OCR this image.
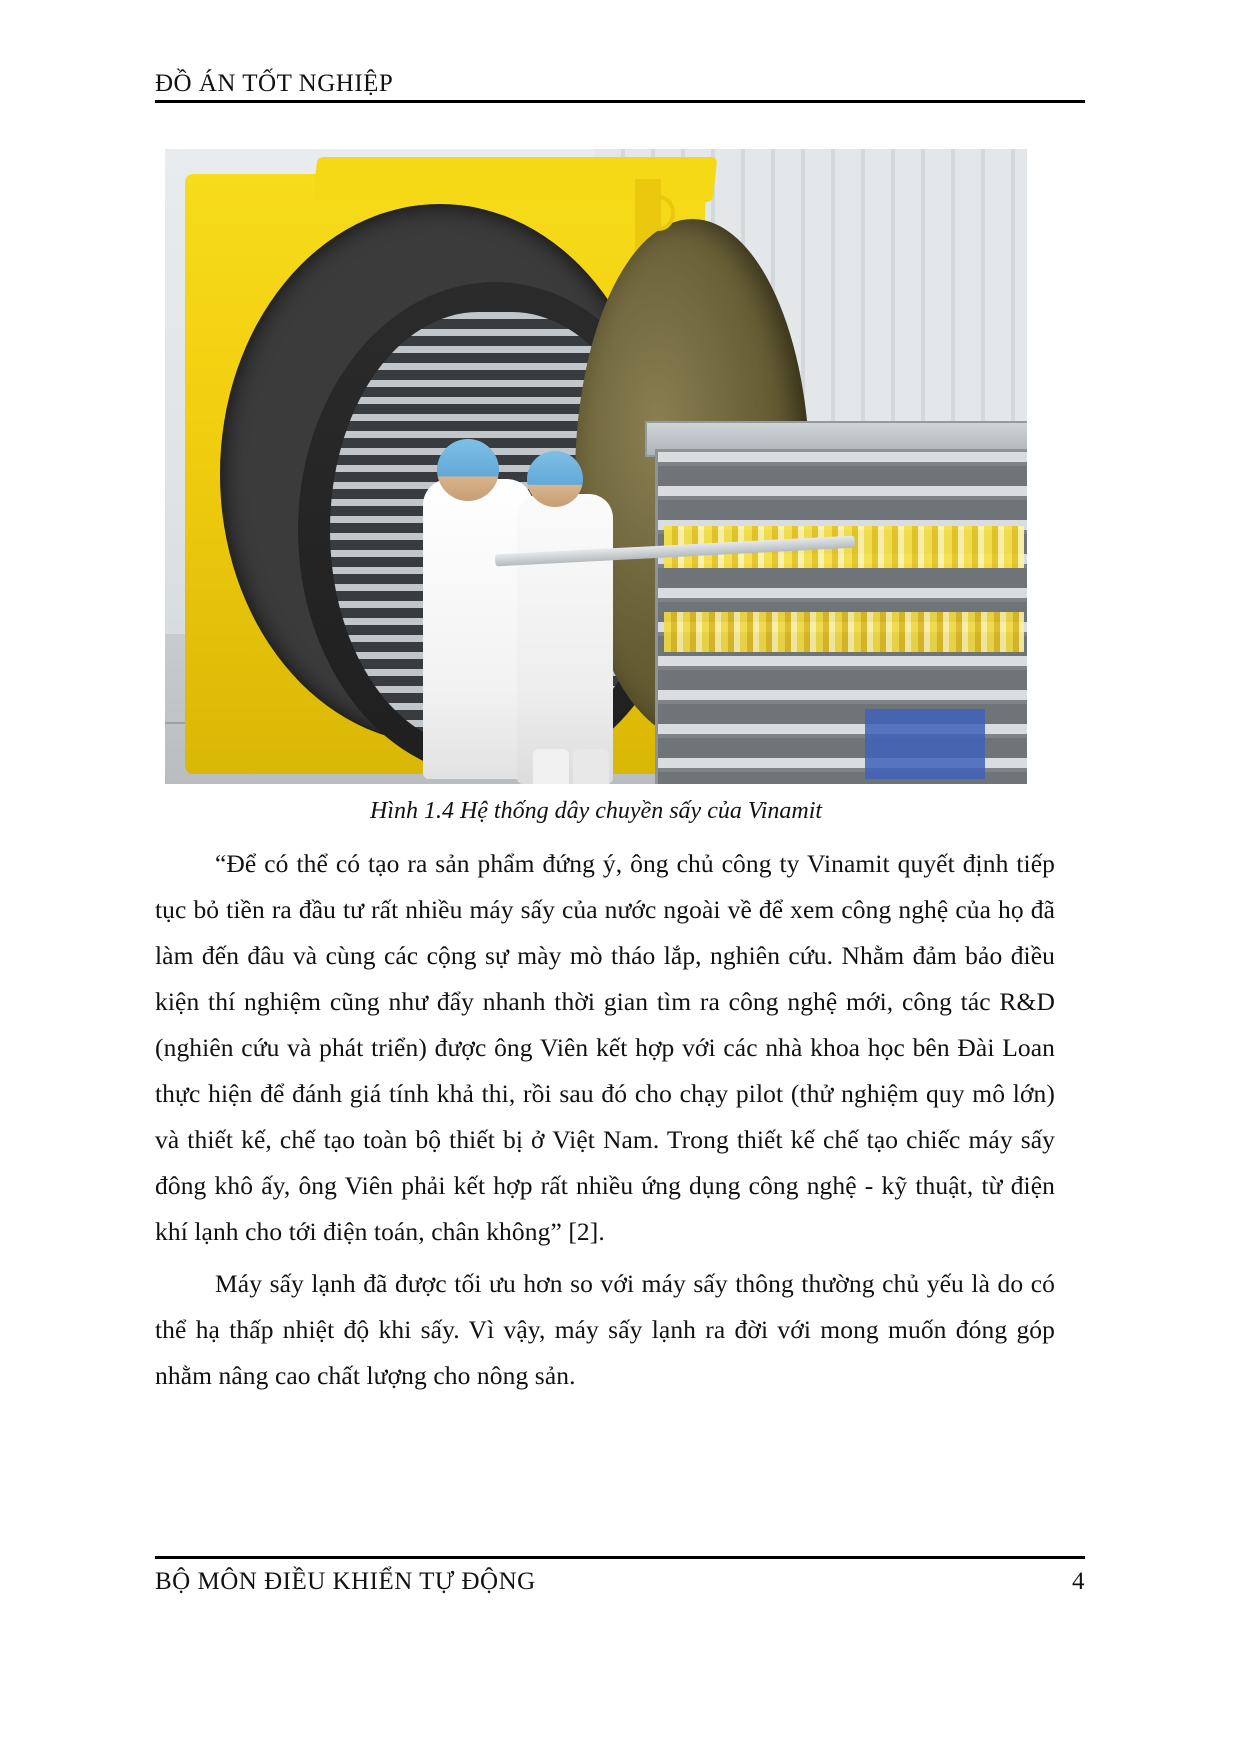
ĐỒ ÁN TỐT NGHIỆP
Hình 1.4 Hệ thống dây chuyền sấy của Vinamit

“Để có thể có tạo ra sản phẩm đứng ý, ông chủ công ty Vinamit quyết định tiếp tục bỏ tiền ra đầu tư rất nhiều máy sấy của nước ngoài về để xem công nghệ của họ đã làm đến đâu và cùng các cộng sự mày mò tháo lắp, nghiên cứu. Nhằm đảm bảo điều kiện thí nghiệm cũng như đẩy nhanh thời gian tìm ra công nghệ mới, công tác R&D (nghiên cứu và phát triển) được ông Viên kết hợp với các nhà khoa học bên Đài Loan thực hiện để đánh giá tính khả thi, rồi sau đó cho chạy pilot (thử nghiệm quy mô lớn) và thiết kế, chế tạo toàn bộ thiết bị ở Việt Nam. Trong thiết kế chế tạo chiếc máy sấy đông khô ấy, ông Viên phải kết hợp rất nhiều ứng dụng công nghệ - kỹ thuật, từ điện khí lạnh cho tới điện toán, chân không” [2].

Máy sấy lạnh đã được tối ưu hơn so với máy sấy thông thường chủ yếu là do có thể hạ thấp nhiệt độ khi sấy. Vì vậy, máy sấy lạnh ra đời với mong muốn đóng góp nhằm nâng cao chất lượng cho nông sản.

BỘ MÔN ĐIỀU KHIỂN TỰ ĐỘNG	4
